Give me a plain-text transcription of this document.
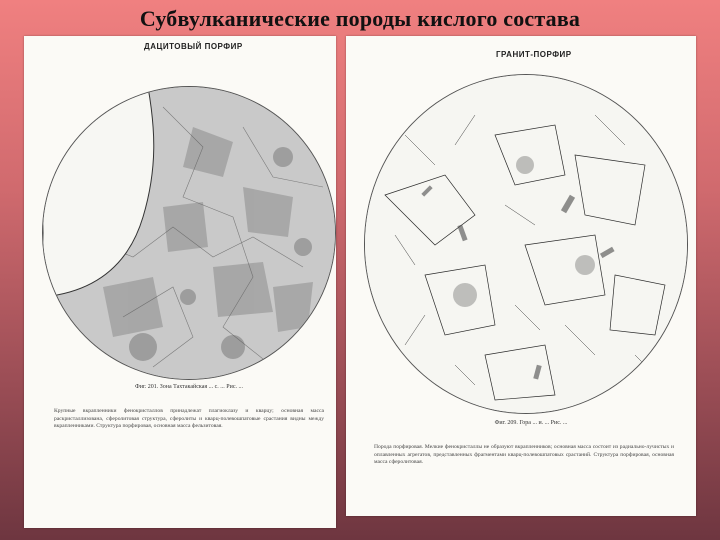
Субвулканические породы кислого состава
ДАЦИТОВЫЙ ПОРФИР
Фиг. 201. Зона Тахтакайская ... с. ... Рис. ...
Крупные вкрапленники фенокристаллов принадлежат плагиоклазу и кварцу; основная масса раскристаллизована, сферолитовая структура, сферолиты и кварц-полевошпатовые срастания видны между вкрапленниками. Структура порфировая, основная масса фельзитовая.
ГРАНИТ-ПОРФИР
Фиг. 209. Гора ... и. ... Рис. ...
Порода порфировая. Мелкие фенокристаллы не образуют вкрапленников; основная масса состоит из радиально-лучистых и оплавленных агрегатов, представленных фрагментами кварц-полевошпатовых срастаний. Структура порфировая, основная масса сферолитовая.
